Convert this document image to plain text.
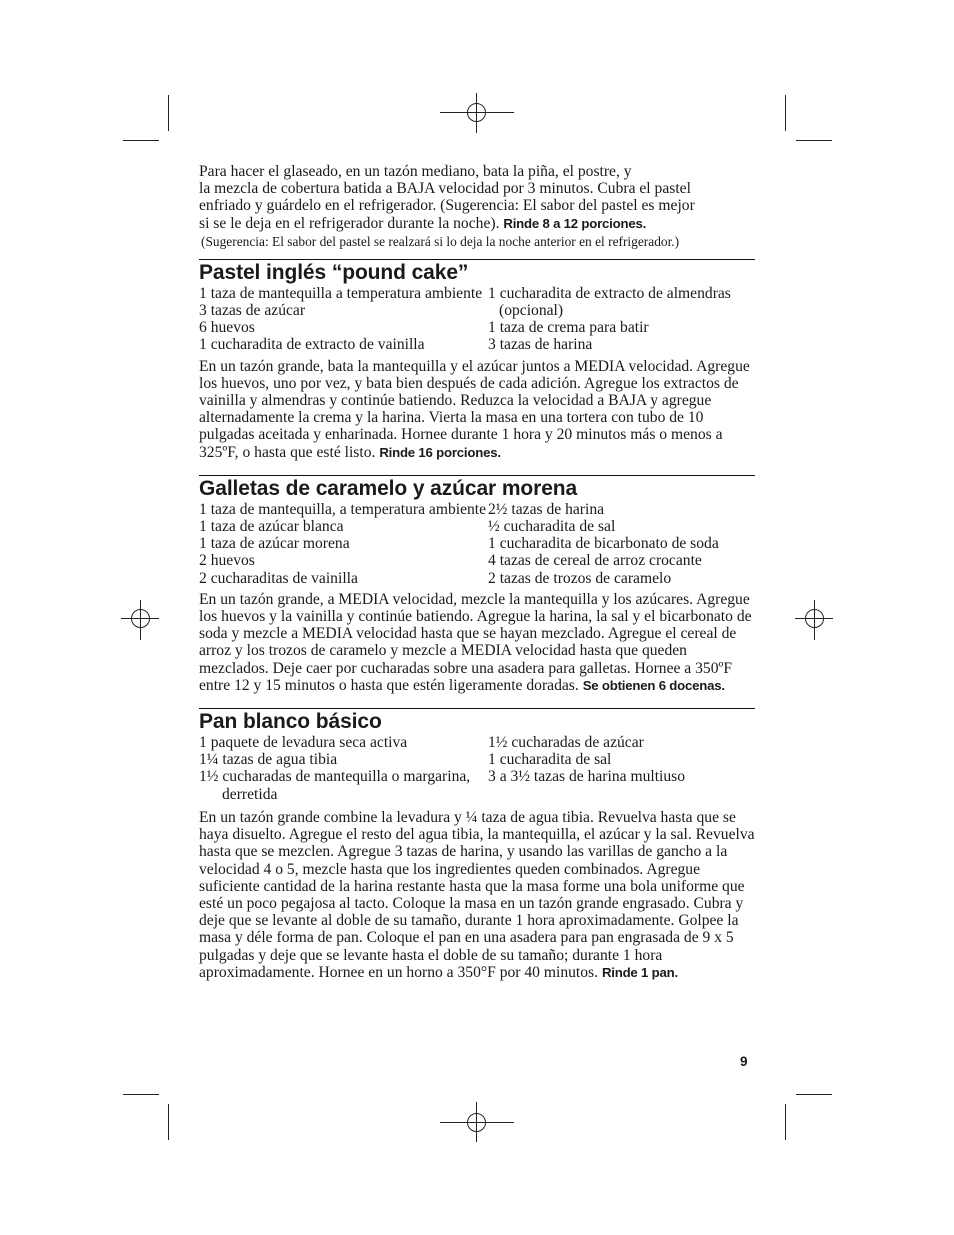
Para hacer el glaseado, en un tazón mediano, bata la piña, el postre, y
la mezcla de cobertura batida a BAJA velocidad por 3 minutos. Cubra el pastel
enfriado y guárdelo en el refrigerador. (Sugerencia: El sabor del pastel es mejor
si se le deja en el refrigerador durante la noche). Rinde 8 a 12 porciones.

(Sugerencia: El sabor del pastel se realzará si lo deja la noche anterior en el refrigerador.)

Pastel inglés “pound cake”
1 taza de mantequilla a temperatura ambiente
3 tazas de azúcar
6 huevos
1 cucharadita de extracto de vainilla
1 cucharadita de extracto de almendras (opcional)
1 taza de crema para batir
3 tazas de harina

En un tazón grande, bata la mantequilla y el azúcar juntos a MEDIA velocidad. Agregue los huevos, uno por vez, y bata bien después de cada adición. Agregue los extractos de vainilla y almendras y continúe batiendo. Reduzca la velocidad a BAJA y agregue alternadamente la crema y la harina. Vierta la masa en una tortera con tubo de 10 pulgadas aceitada y enharinada. Hornee durante 1 hora y 20 minutos más o menos a 325ºF, o hasta que esté listo. Rinde 16 porciones.

Galletas de caramelo y azúcar morena
1 taza de mantequilla, a temperatura ambiente
1 taza de azúcar blanca
1 taza de azúcar morena
2 huevos
2 cucharaditas de vainilla
2½ tazas de harina
½ cucharadita de sal
1 cucharadita de bicarbonato de soda
4 tazas de cereal de arroz crocante
2 tazas de trozos de caramelo

En un tazón grande, a MEDIA velocidad, mezcle la mantequilla y los azúcares. Agregue los huevos y la vainilla y continúe batiendo. Agregue la harina, la sal y el bicarbonato de soda y mezcle a MEDIA velocidad hasta que se hayan mezclado. Agregue el cereal de arroz y los trozos de caramelo y mezcle a MEDIA velocidad hasta que queden mezclados. Deje caer por cucharadas sobre una asadera para galletas. Hornee a 350ºF entre 12 y 15 minutos o hasta que estén ligeramente doradas. Se obtienen 6 docenas.

Pan blanco básico
1 paquete de levadura seca activa
1¼ tazas de agua tibia
1½ cucharadas de mantequilla o margarina, derretida
1½ cucharadas de azúcar
1 cucharadita de sal
3 a 3½ tazas de harina multiuso

En un tazón grande combine la levadura y ¼ taza de agua tibia. Revuelva hasta que se haya disuelto. Agregue el resto del agua tibia, la mantequilla, el azúcar y la sal. Revuelva hasta que se mezclen. Agregue 3 tazas de harina, y usando las varillas de gancho a la velocidad 4 o 5, mezcle hasta que los ingredientes queden combinados. Agregue suficiente cantidad de la harina restante hasta que la masa forme una bola uniforme que esté un poco pegajosa al tacto. Coloque la masa en un tazón grande engrasado. Cubra y deje que se levante al doble de su tamaño, durante 1 hora aproximadamente. Golpee la masa y déle forma de pan. Coloque el pan en una asadera para pan engrasada de 9 x 5 pulgadas y deje que se levante hasta el doble de su tamaño; durante 1 hora aproximadamente. Hornee en un horno a 350°F por 40 minutos. Rinde 1 pan.

9
